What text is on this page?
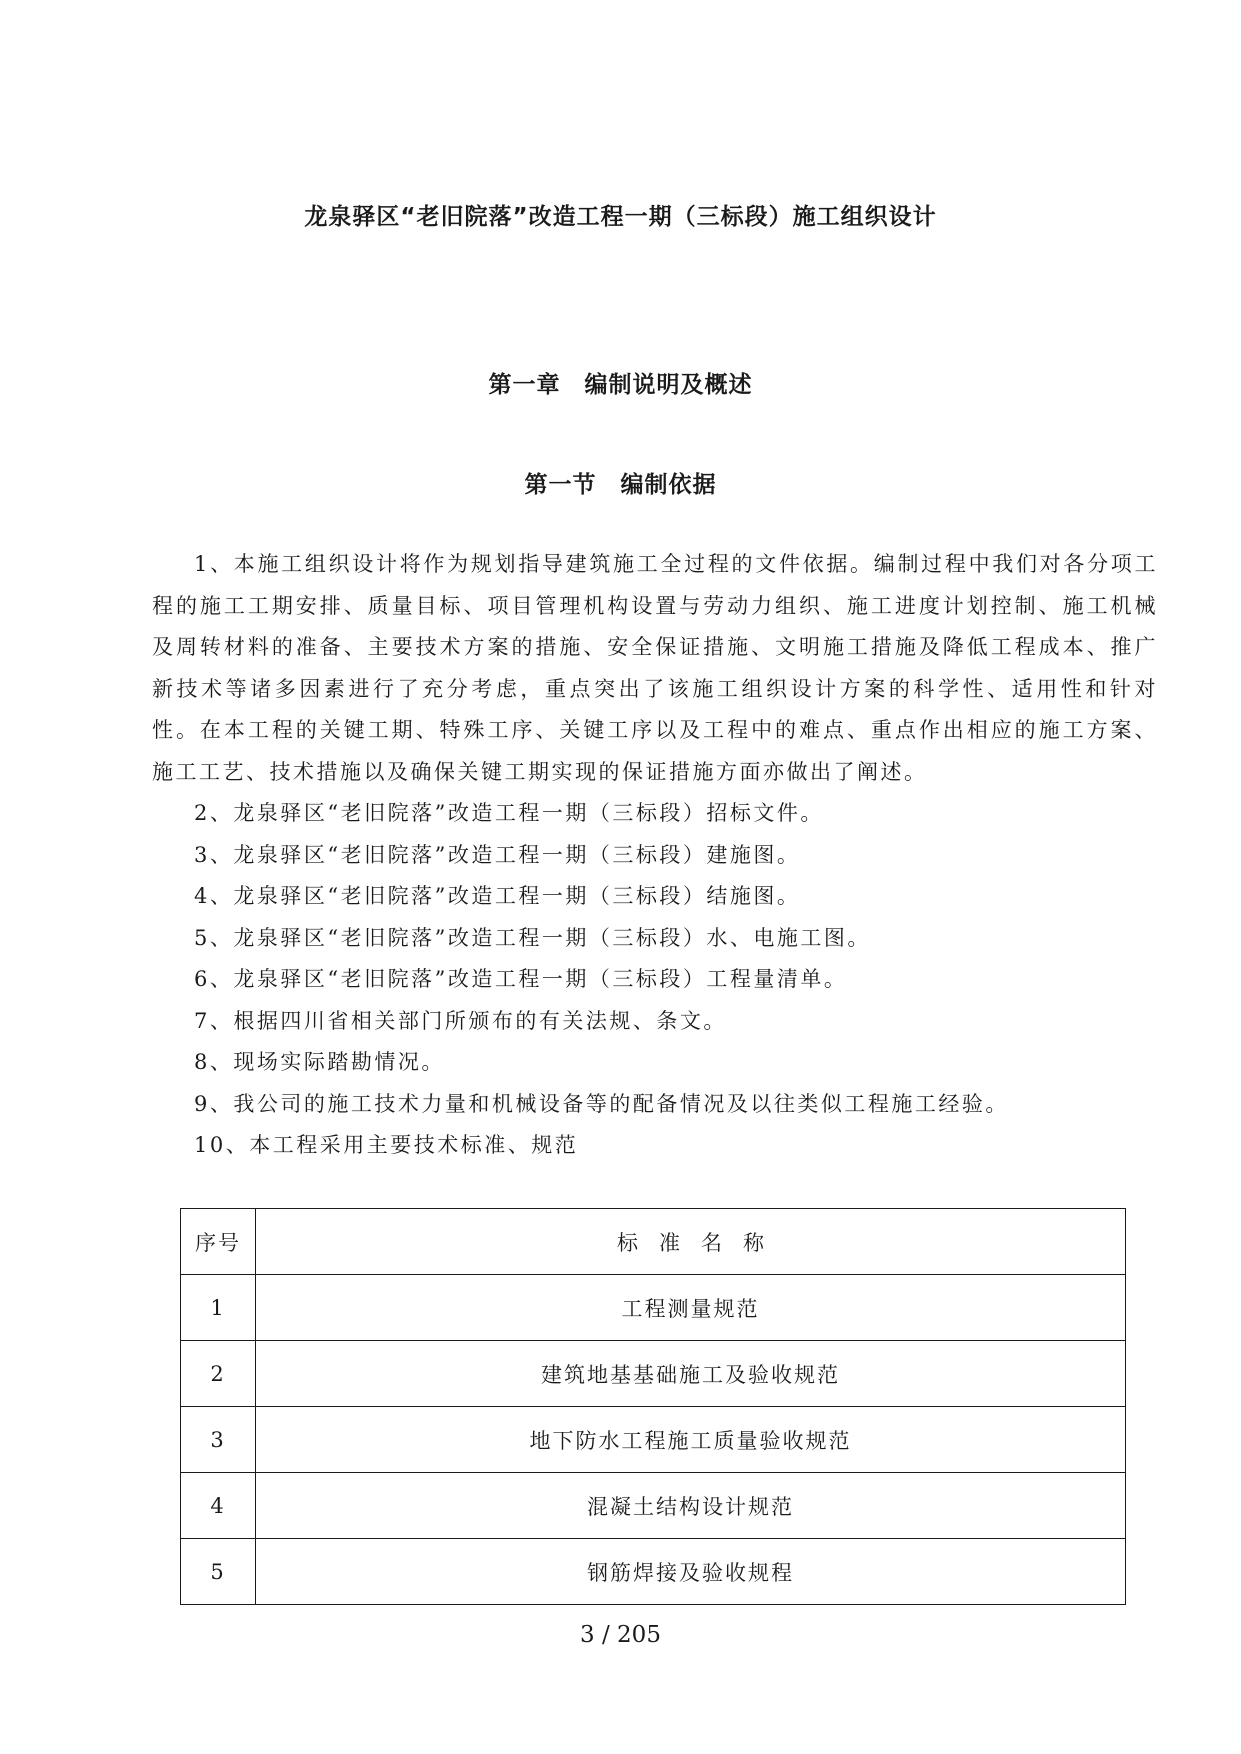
龙泉驿区“老旧院落”改造工程一期（三标段）施工组织设计
第一章　编制说明及概述
第一节　编制依据

1、本施工组织设计将作为规划指导建筑施工全过程的文件依据。编制过程中我们对各分项工程的施工工期安排、质量目标、项目管理机构设置与劳动力组织、施工进度计划控制、施工机械及周转材料的准备、主要技术方案的措施、安全保证措施、文明施工措施及降低工程成本、推广新技术等诸多因素进行了充分考虑，重点突出了该施工组织设计方案的科学性、适用性和针对性。在本工程的关键工期、特殊工序、关键工序以及工程中的难点、重点作出相应的施工方案、施工工艺、技术措施以及确保关键工期实现的保证措施方面亦做出了阐述。

2、龙泉驿区“老旧院落”改造工程一期（三标段）招标文件。

3、龙泉驿区“老旧院落”改造工程一期（三标段）建施图。

4、龙泉驿区“老旧院落”改造工程一期（三标段）结施图。

5、龙泉驿区“老旧院落”改造工程一期（三标段）水、电施工图。

6、龙泉驿区“老旧院落”改造工程一期（三标段）工程量清单。

7、根据四川省相关部门所颁布的有关法规、条文。

8、现场实际踏勘情况。

9、我公司的施工技术力量和机械设备等的配备情况及以往类似工程施工经验。

10、本工程采用主要技术标准、规范

序号	标　准　名　称
1	工程测量规范
2	建筑地基基础施工及验收规范
3	地下防水工程施工质量验收规范
4	混凝土结构设计规范
5	钢筋焊接及验收规程
3 / 205
